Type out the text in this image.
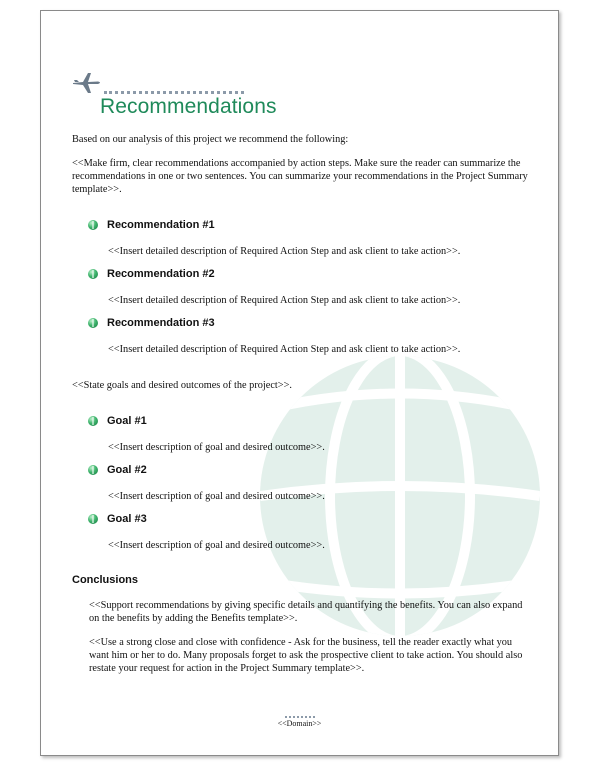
Recommendations
Based on our analysis of this project we recommend the following:
<<Make firm, clear recommendations accompanied by action steps. Make sure the reader can summarize the recommendations in one or two sentences. You can summarize your recommendations in the Project Summary template>>.
Recommendation #1
<<Insert detailed description of Required Action Step and ask client to take action>>.
Recommendation #2
<<Insert detailed description of Required Action Step and ask client to take action>>.
Recommendation #3
<<Insert detailed description of Required Action Step and ask client to take action>>.
<<State goals and desired outcomes of the project>>.
Goal #1
<<Insert description of goal and desired outcome>>.
Goal #2
<<Insert description of goal and desired outcome>>.
Goal #3
<<Insert description of goal and desired outcome>>.
Conclusions
<<Support recommendations by giving specific details and quantifying the benefits. You can also expand on the benefits by adding the Benefits template>>.
<<Use a strong close and close with confidence - Ask for the business, tell the reader exactly what you want him or her to do. Many proposals forget to ask the prospective client to take action. You should also restate your request for action in the Project Summary template>>.
<<Domain>>
